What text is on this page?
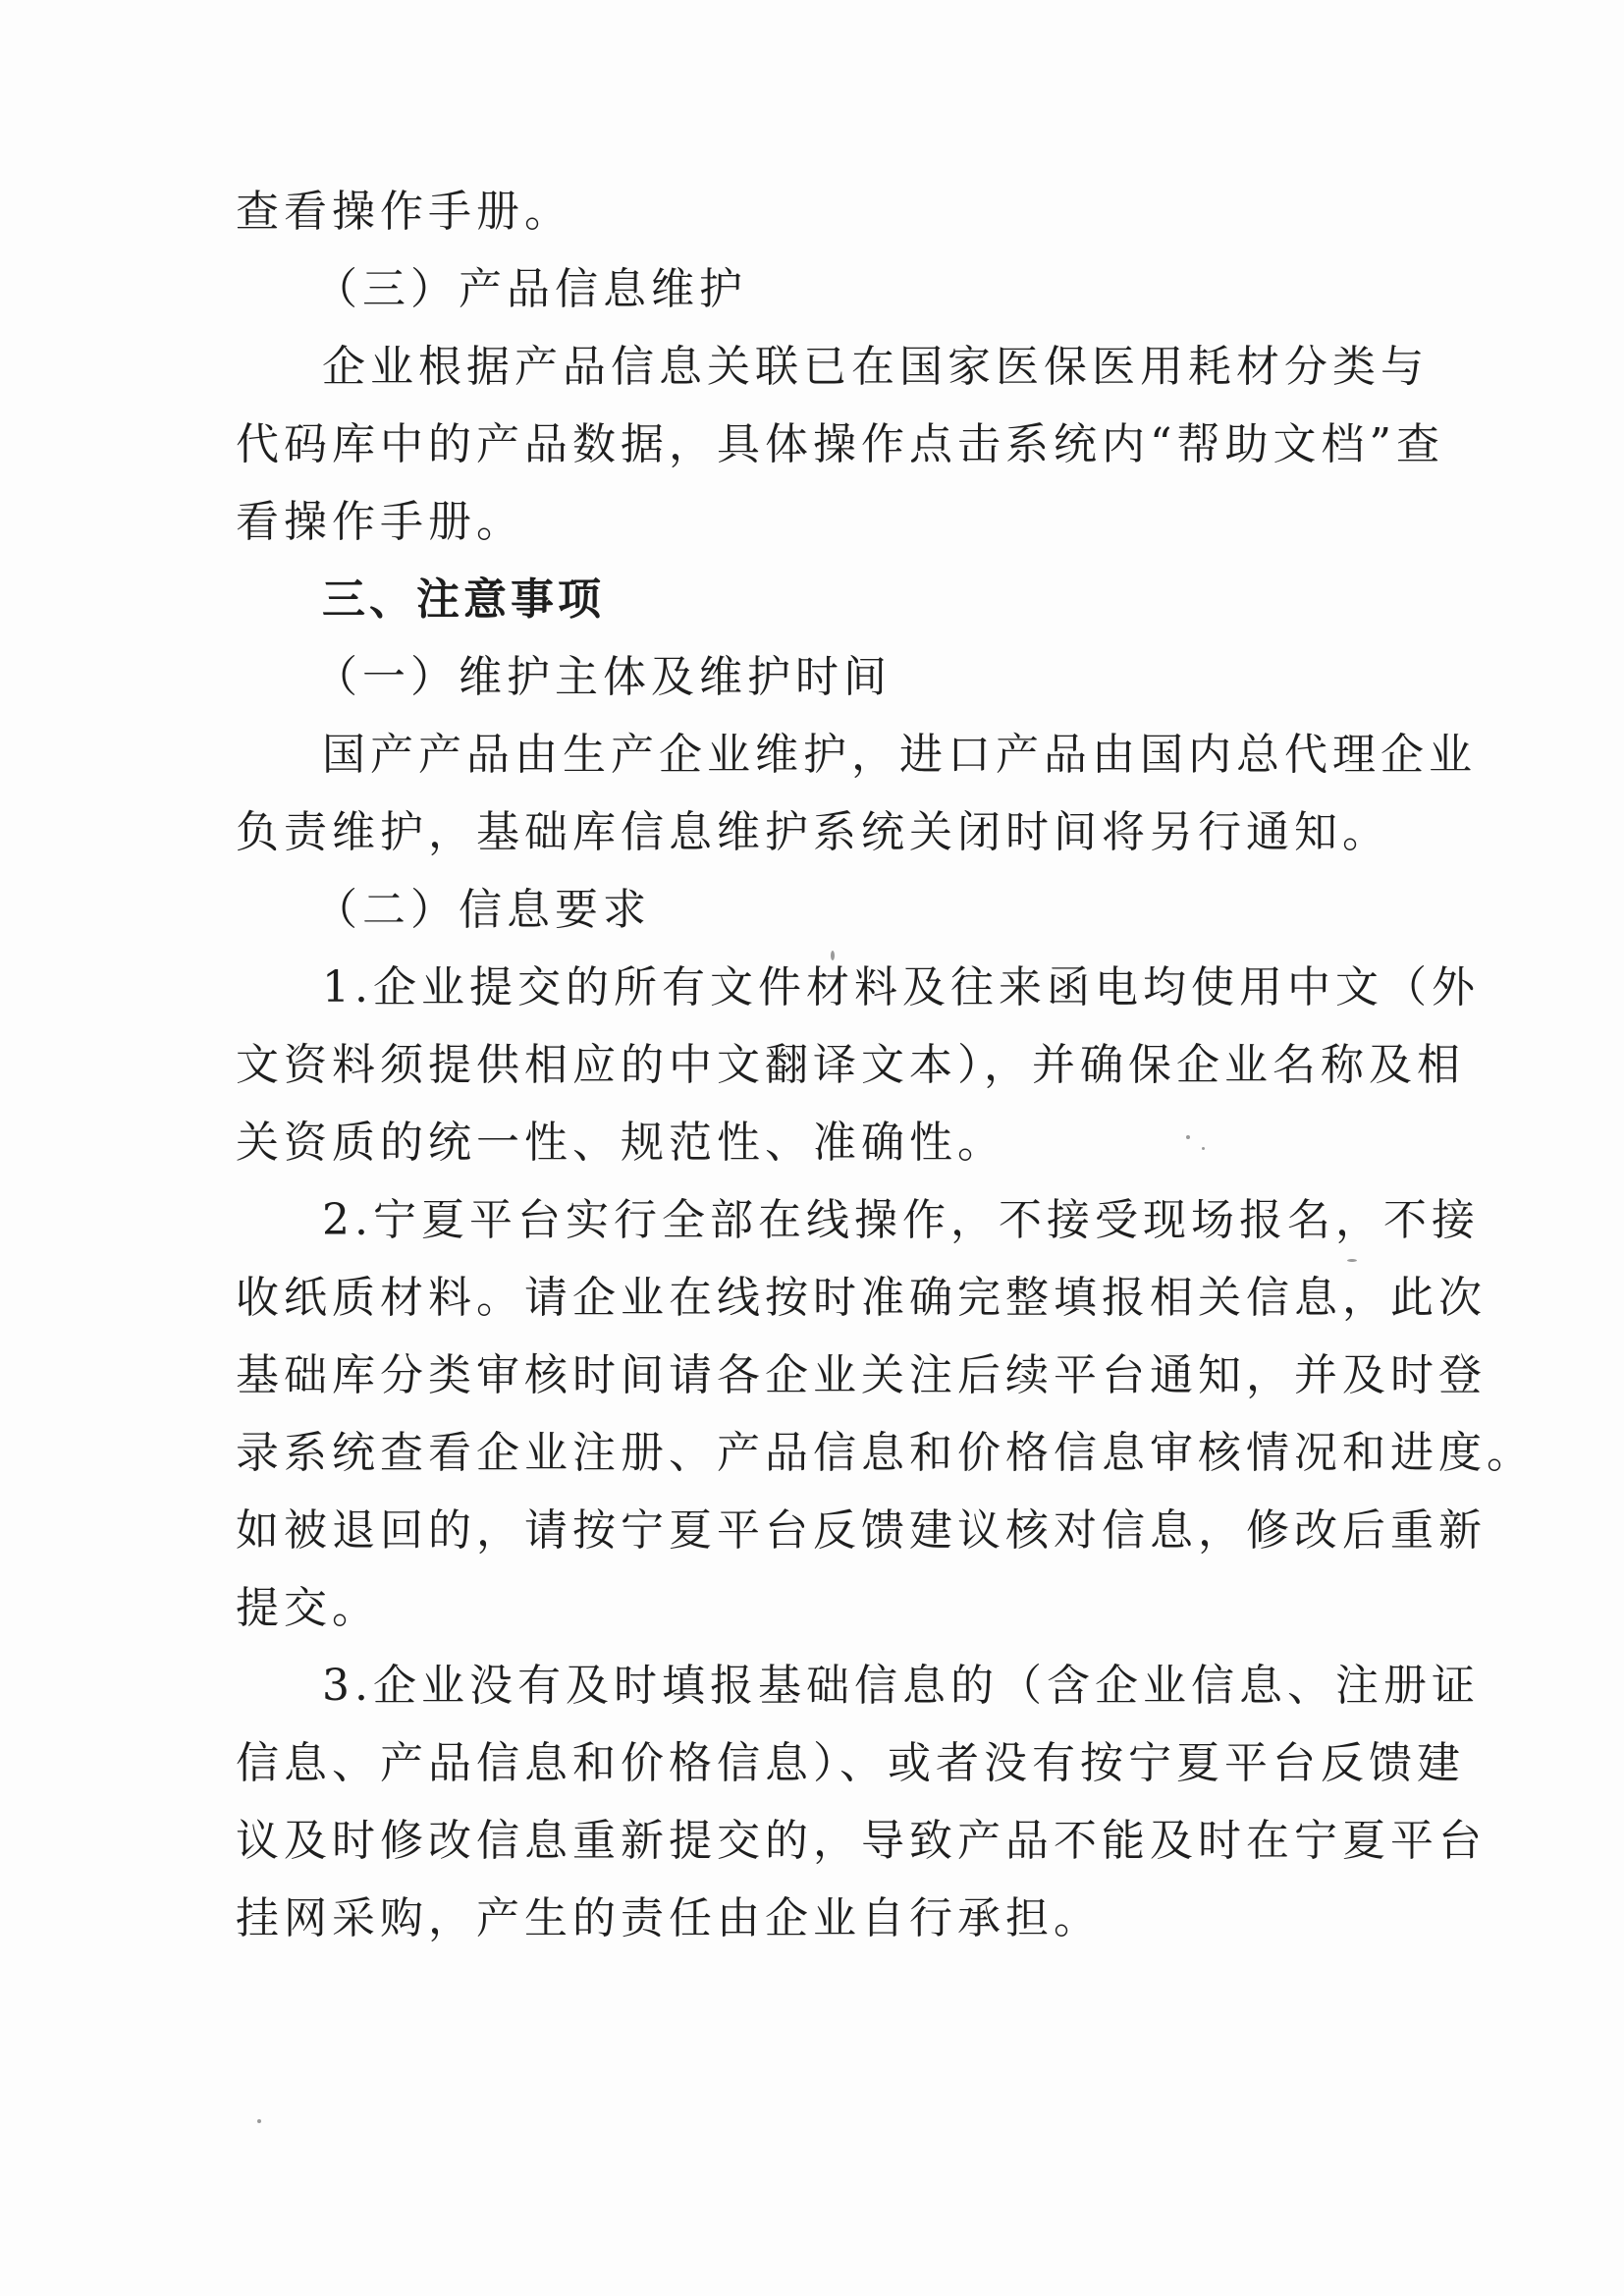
查看操作手册。
（三）产品信息维护
企业根据产品信息关联已在国家医保医用耗材分类与
代码库中的产品数据，具体操作点击系统内“帮助文档”查
看操作手册。
三、注意事项
（一）维护主体及维护时间
国产产品由生产企业维护，进口产品由国内总代理企业
负责维护，基础库信息维护系统关闭时间将另行通知。
（二）信息要求
1.企业提交的所有文件材料及往来函电均使用中文（外
文资料须提供相应的中文翻译文本），并确保企业名称及相
关资质的统一性、规范性、准确性。
2.宁夏平台实行全部在线操作，不接受现场报名，不接
收纸质材料。请企业在线按时准确完整填报相关信息，此次
基础库分类审核时间请各企业关注后续平台通知，并及时登
录系统查看企业注册、产品信息和价格信息审核情况和进度。
如被退回的，请按宁夏平台反馈建议核对信息，修改后重新
提交。
3.企业没有及时填报基础信息的（含企业信息、注册证
信息、产品信息和价格信息）、或者没有按宁夏平台反馈建
议及时修改信息重新提交的，导致产品不能及时在宁夏平台
挂网采购，产生的责任由企业自行承担。
